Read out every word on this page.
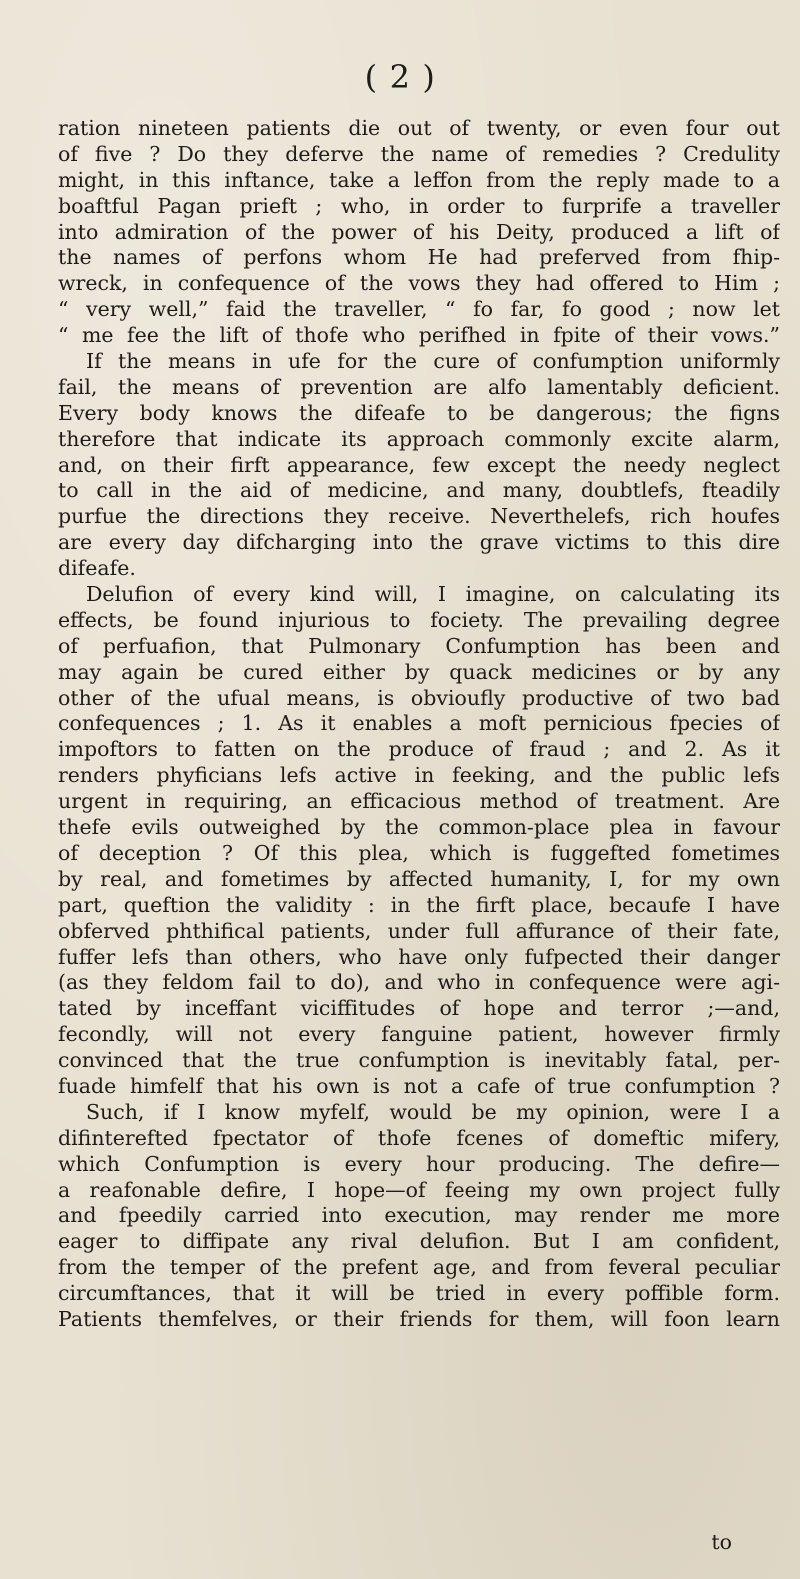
( 2 )
ration nineteen patients die out of twenty, or even four out
of five ? Do they deferve the name of remedies ? Credulity
might, in this inftance, take a leffon from the reply made to a
boaftful Pagan prieft ; who, in order to furprife a traveller
into admiration of the power of his Deity, produced a lift of
the names of perfons whom He had preferved from fhip-
wreck, in confequence of the vows they had offered to Him ;
“ very well,” faid the traveller, “ fo far, fo good ; now let
“ me fee the lift of thofe who perifhed in fpite of their vows.”
If the means in ufe for the cure of confumption uniformly
fail, the means of prevention are alfo lamentably deficient.
Every body knows the difeafe to be dangerous; the figns
therefore that indicate its approach commonly excite alarm,
and, on their firft appearance, few except the needy neglect
to call in the aid of medicine, and many, doubtlefs, fteadily
purfue the directions they receive. Neverthelefs, rich houfes
are every day difcharging into the grave victims to this dire
difeafe.
Delufion of every kind will, I imagine, on calculating its
effects, be found injurious to fociety. The prevailing degree
of perfuafion, that Pulmonary Confumption has been and
may again be cured either by quack medicines or by any
other of the ufual means, is obvioufly productive of two bad
confequences ; 1. As it enables a moft pernicious fpecies of
impoftors to fatten on the produce of fraud ; and 2. As it
renders phyficians lefs active in feeking, and the public lefs
urgent in requiring, an efficacious method of treatment. Are
thefe evils outweighed by the common-place plea in favour
of deception ? Of this plea, which is fuggefted fometimes
by real, and fometimes by affected humanity, I, for my own
part, queftion the validity : in the firft place, becaufe I have
obferved phthifical patients, under full affurance of their fate,
fuffer lefs than others, who have only fufpected their danger
(as they feldom fail to do), and who in confequence were agi-
tated by inceffant viciffitudes of hope and terror ;—and,
fecondly, will not every fanguine patient, however firmly
convinced that the true confumption is inevitably fatal, per-
fuade himfelf that his own is not a cafe of true confumption ?
Such, if I know myfelf, would be my opinion, were I a
difinterefted fpectator of thofe fcenes of domeftic mifery,
which Confumption is every hour producing. The defire—
a reafonable defire, I hope—of feeing my own project fully
and fpeedily carried into execution, may render me more
eager to diffipate any rival delufion. But I am confident,
from the temper of the prefent age, and from feveral peculiar
circumftances, that it will be tried in every poffible form.
Patients themfelves, or their friends for them, will foon learn
to
